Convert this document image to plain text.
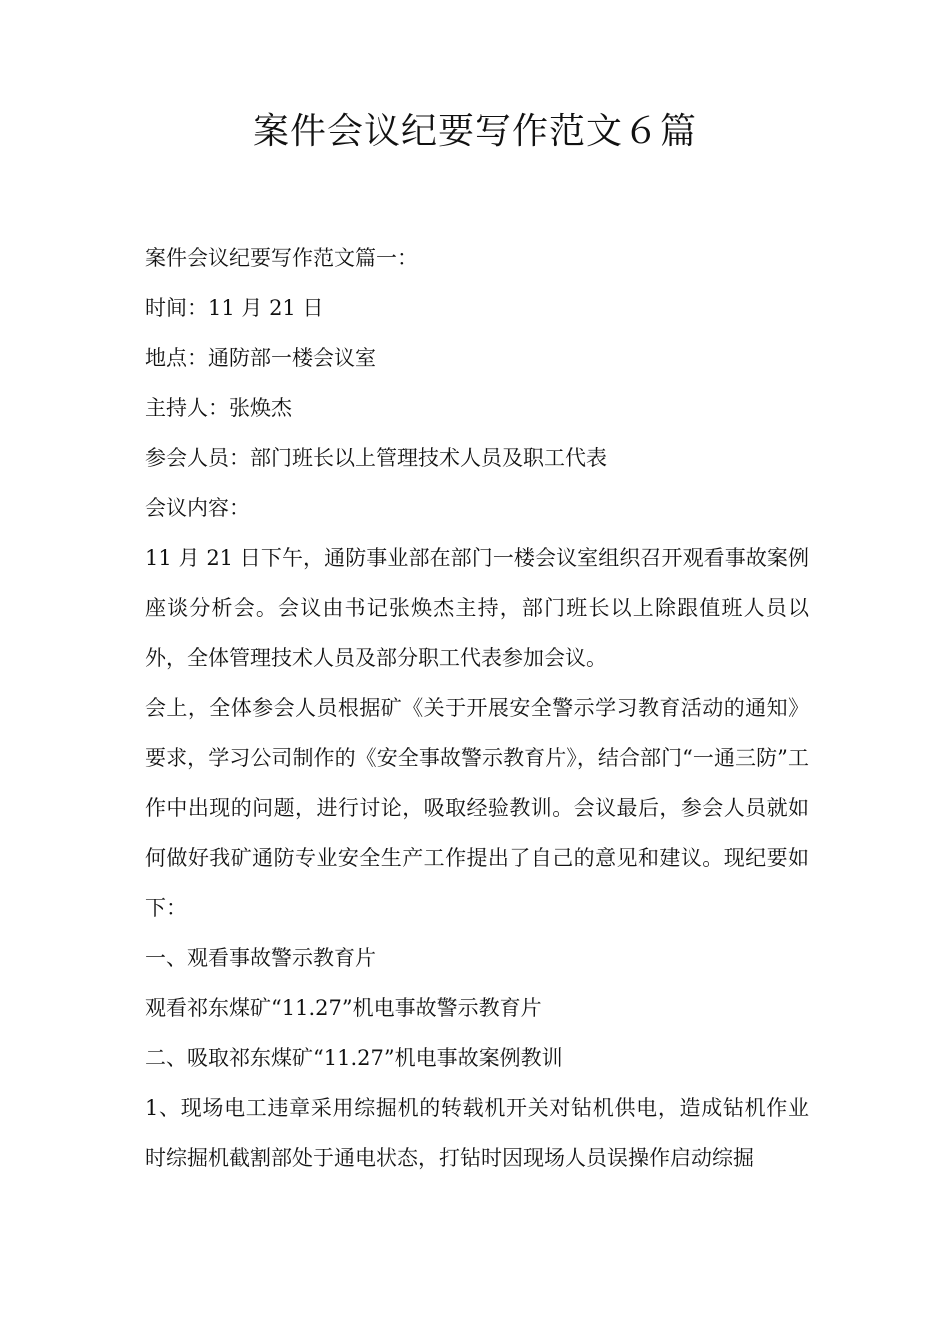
案件会议纪要写作范文６篇

案件会议纪要写作范文篇一：

时间：11 月 21 日

地点：通防部一楼会议室

主持人：张焕杰

参会人员：部门班长以上管理技术人员及职工代表

会议内容：

11 月 21 日下午，通防事业部在部门一楼会议室组织召开观看事故案例座谈分析会。会议由书记张焕杰主持，部门班长以上除跟值班人员以外，全体管理技术人员及部分职工代表参加会议。

会上，全体参会人员根据矿《关于开展安全警示学习教育活动的通知》要求，学习公司制作的《安全事故警示教育片》，结合部门“一通三防”工作中出现的问题，进行讨论，吸取经验教训。会议最后，参会人员就如何做好我矿通防专业安全生产工作提出了自己的意见和建议。现纪要如下：

一、观看事故警示教育片

观看祁东煤矿“11.27”机电事故警示教育片

二、吸取祁东煤矿“11.27”机电事故案例教训

1、现场电工违章采用综掘机的转载机开关对钻机供电，造成钻机作业时综掘机截割部处于通电状态，打钻时因现场人员误操作启动综掘
